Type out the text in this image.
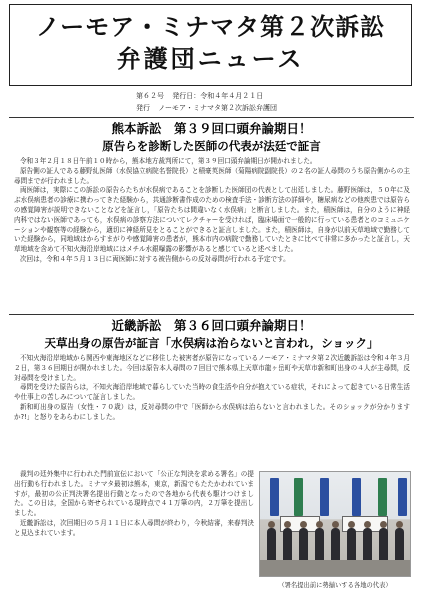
ノーモア・ミナマタ第２次訴訟
弁護団ニュース
第６２号 発行日：令和４年４月２１日
発行 ノーモア・ミナマタ第２次訴訟弁護団
熊本訴訟　第３９回口頭弁論期日！
原告らを診断した医師の代表が法廷で証言

令和３年２月１８日午前１０時から，熊本地方裁判所にて，第３９回口頭弁論期日が開かれました。

原告側の証人である藤野糺医師（水俣協立病院名誉院長）と積豪英医師（菊陽病院副院長）の２名の証人尋問のうち原告側からの主尋問までが行われました。

両医師は，実際にこの訴訟の原告らたちが水俣病であることを診断した医師団の代表として出廷しました。藤野医師は，５０年に及ぶ水俣病患者の診療に携わってきた経験から，共通診断書作成のための検査手法・診断方法の詳細や，糖尿病などの他疾患では原告らの感覚障害が説明できないことなどを証言し，「原告たちは間違いなく水俣病」と断言しました。また，積医師は，自分のように神経内科ではない医師であっても，水俣病の診察方法についてレクチャーを受ければ，臨床場面で一般的に行っている患者とのコミュニケーションや観察等の経験から，適切に神経所見をとることができると証言しました。また，積医師は，自身が以前天草地域で勤務していた経験から，同地域はからすまがりや感覚障害の患者が，熊本市内の病院で勤務していたときに比べて非常に多かったと証言し，天草地域を含めて不知火海沿岸地域にはメチル水銀曝露の影響があると感じていると述べました。

次回は，令和４年５月１３日に両医師に対する被告側からの反対尋問が行われる予定です。

近畿訴訟　第３６回口頭弁論期日！
天草出身の原告が証言「水俣病は治らないと言われ，ショック」

不知火海沿岸地域から関西や東海地区などに移住した被害者が原告になっているノーモア・ミナマタ第２次近畿訴訟は令和４年３月２日，第３６回期日が開かれました。今回は原告本人尋問の７回目で熊本県上天草市龍ヶ岳町や天草市新和町出身の４人が主尋問，反対尋問を受けました。

尋問を受けた原告らは，不知火海沿岸地域で暮らしていた当時の食生活や自分が抱えている症状，それによって起きている日常生活や仕事上の苦しみについて証言しました。

新和町出身の原告（女性・７０歳）は，反対尋問の中で「医師から水俣病は治らないと言われました。そのショックが分かりますか?!」と怒りをあらわにしました。

裁判の廷外集中に行われた門前宣伝において「公正な判決を求める署名」の提出行動も行われました。ミナマタ最初は熊本，東京，新潟でもたたかわれていますが，最初の公正判決署名提出行動となったので各地から代表も駆けつけました。この日は，全国から寄せられている現時点で４１万筆の内，２万筆を提出しました。

近畿訴訟は，次回期日の５月１１日に本人尋問が終わり，今秋結審，来春判決と見込まれています。

（署名提出前に勢揃いする各地の代表）
